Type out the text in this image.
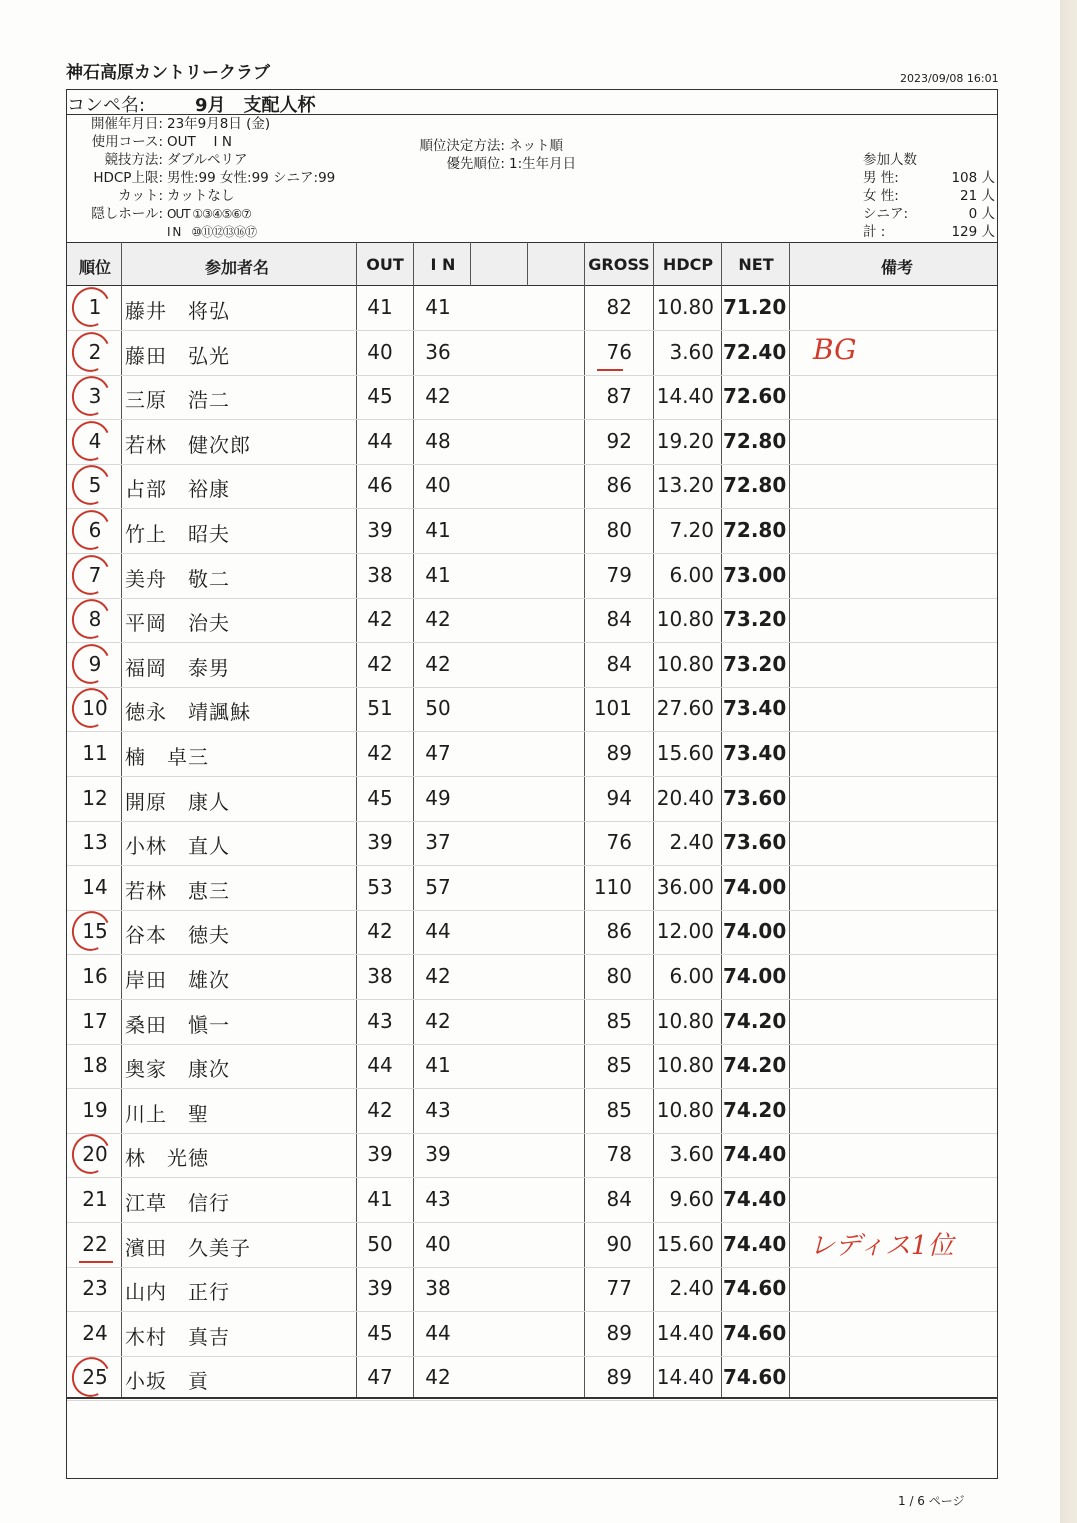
神石高原カントリークラブ	2023/09/08 16:01
コンペ名:	9月　支配人杯
開催年月日: 23年9月8日 (金)
使用コース: OUT　 I N
競技方法: ダブルペリア
HDCP上限: 男性:99 女性:99 シニア:99
カット: カットなし
隠しホール: OUT ①③④⑤⑥⑦
I N　⑩⑪⑫⑬⑯⑰
順位決定方法: ネット順
優先順位: 1:生年月日	参加人数
男 性:	108 人
女 性:	21 人
シニア:	0 人
計 :	129 人
順位	参加者名	OUT	I N	GROSS HDCP	NET	備考
1	藤井　将弘	41 41	82 10.80 71.20
2	藤田　弘光	40 36	76	3.60 72.40 BG
3	三原　浩二	45 42	87 14.40 72.60
4	若林　健次郎	44 48	92 19.20 72.80
5	占部　裕康	46 40	86 13.20 72.80
6	竹上　昭夫	39 41	80	7.20 72.80
7	美舟　敬二	38 41	79	6.00 73.00
8	平岡　治夫	42 42	84 10.80 73.20
9	福岡　泰男	42 42	84 10.80 73.20
10 徳永　靖諷鮇	51 50	101 27.60 73.40
11 楠　卓三	42 47	89 15.60 73.40
12 開原　康人	45 49	94 20.40 73.60
13 小林　直人	39 37	76	2.40 73.60
14 若林　恵三	53 57	110 36.00 74.00
15 谷本　徳夫	42 44	86 12.00 74.00
16 岸田　雄次	38 42	80	6.00 74.00
17 桑田　愼一	43 42	85 10.80 74.20
18 奥家　康次	44 41	85 10.80 74.20
19 川上　聖	42 43	85 10.80 74.20
20 林　光徳	39 39	78	3.60 74.40
21 江草　信行	41 43	84	9.60 74.40
22 濱田　久美子	50 40	90 15.60 74.40 レディス1位
23 山内　正行	39 38	77	2.40 74.60
24 木村　真吉	45 44	89 14.40 74.60
25 小坂　貢	47 42	89 14.40 74.60
1 / 6 ページ
